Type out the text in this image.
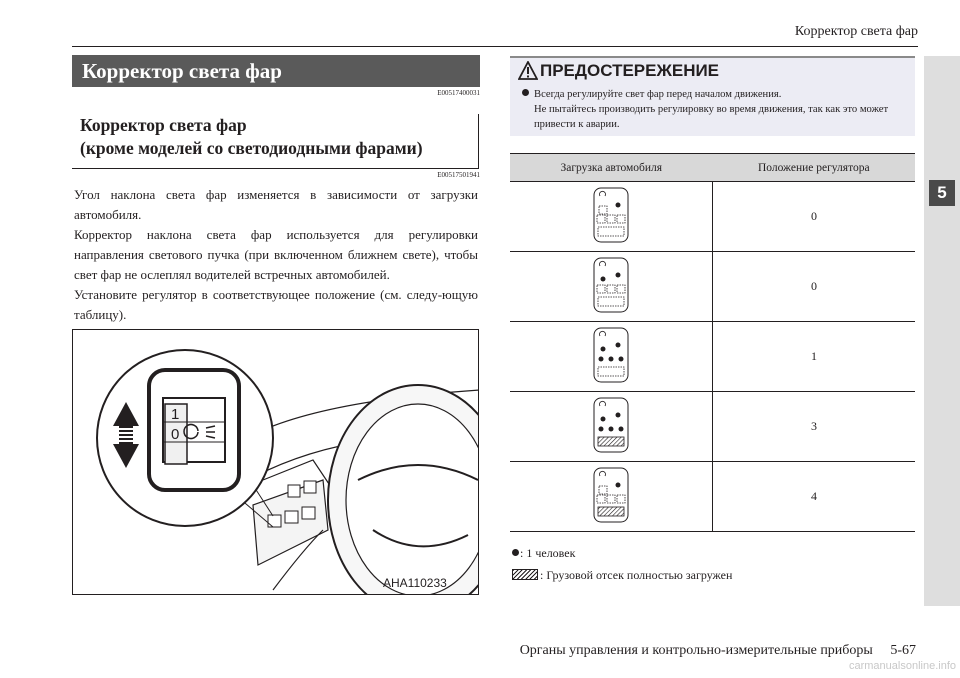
Корректор света фар
5
Корректор света фар
E00517400031
Корректор света фар
(кроме моделей со светодиодными фарами)
E00517501941

Угол наклона света фар изменяется в зависимости от загрузки автомобиля.

Корректор наклона света фар используется для регулировки направления светового пучка (при включенном ближнем свете), чтобы свет фар не ослеплял водителей встречных автомобилей.

Установите регулятор в соответствующее положение (см. следу-ющую таблицу).

1
0
AHA110233
ПРЕДОСТЕРЕЖЕНИЕ
Всегда регулируйте свет фар перед началом движения.
Не пытайтесь производить регулировку во время движения, так как это может привести к аварии.
Загрузка автомобиля	Положение регулятора
	0
	0
	1
	3
	4
: 1 человек
: Грузовой отсек полностью загружен
Органы управления и контрольно-измерительные приборы     5-67
carmanualsonline.info
